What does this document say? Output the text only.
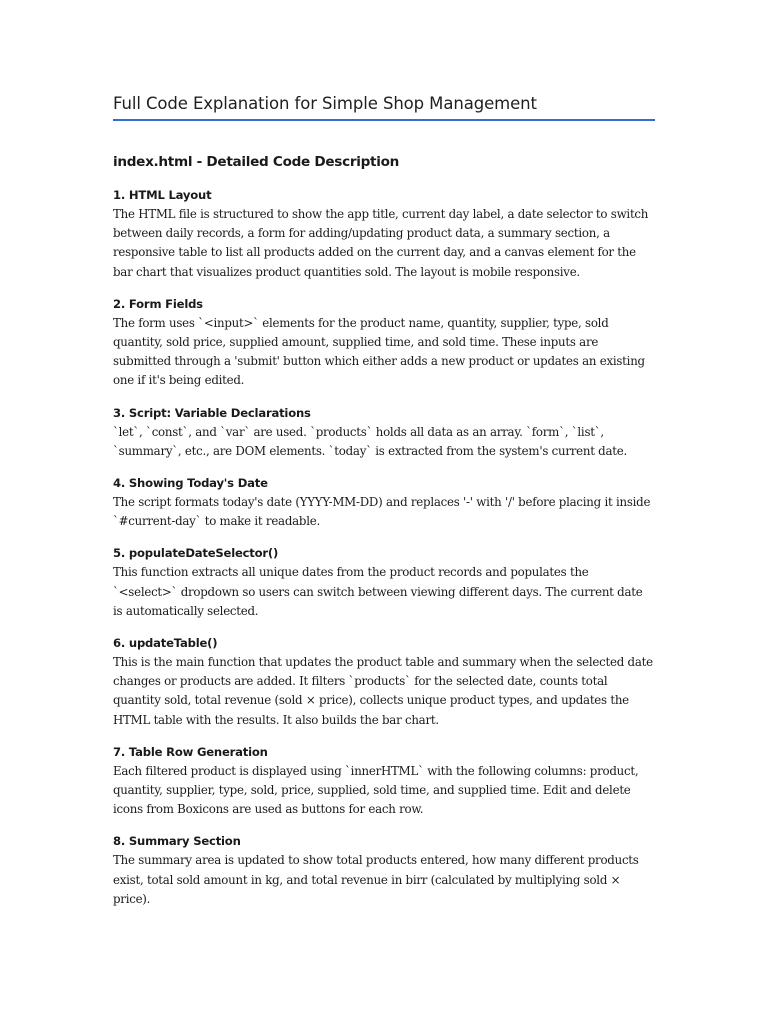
Full Code Explanation for Simple Shop Management
index.html - Detailed Code Description
1. HTML Layout

The HTML file is structured to show the app title, current day label, a date selector to switch between daily records, a form for adding/updating product data, a summary section, a responsive table to list all products added on the current day, and a canvas element for the bar chart that visualizes product quantities sold. The layout is mobile responsive.

2. Form Fields

The form uses `<input>` elements for the product name, quantity, supplier, type, sold quantity, sold price, supplied amount, supplied time, and sold time. These inputs are submitted through a 'submit' button which either adds a new product or updates an existing one if it's being edited.

3. Script: Variable Declarations

`let`, `const`, and `var` are used. `products` holds all data as an array. `form`, `list`, `summary`, etc., are DOM elements. `today` is extracted from the system's current date.

4. Showing Today's Date

The script formats today's date (YYYY-MM-DD) and replaces '-' with '/' before placing it inside `#current-day` to make it readable.

5. populateDateSelector()

This function extracts all unique dates from the product records and populates the `<select>` dropdown so users can switch between viewing different days. The current date is automatically selected.

6. updateTable()

This is the main function that updates the product table and summary when the selected date changes or products are added. It filters `products` for the selected date, counts total quantity sold, total revenue (sold × price), collects unique product types, and updates the HTML table with the results. It also builds the bar chart.

7. Table Row Generation

Each filtered product is displayed using `innerHTML` with the following columns: product, quantity, supplier, type, sold, price, supplied, sold time, and supplied time. Edit and delete icons from Boxicons are used as buttons for each row.

8. Summary Section

The summary area is updated to show total products entered, how many different products exist, total sold amount in kg, and total revenue in birr (calculated by multiplying sold × price).
